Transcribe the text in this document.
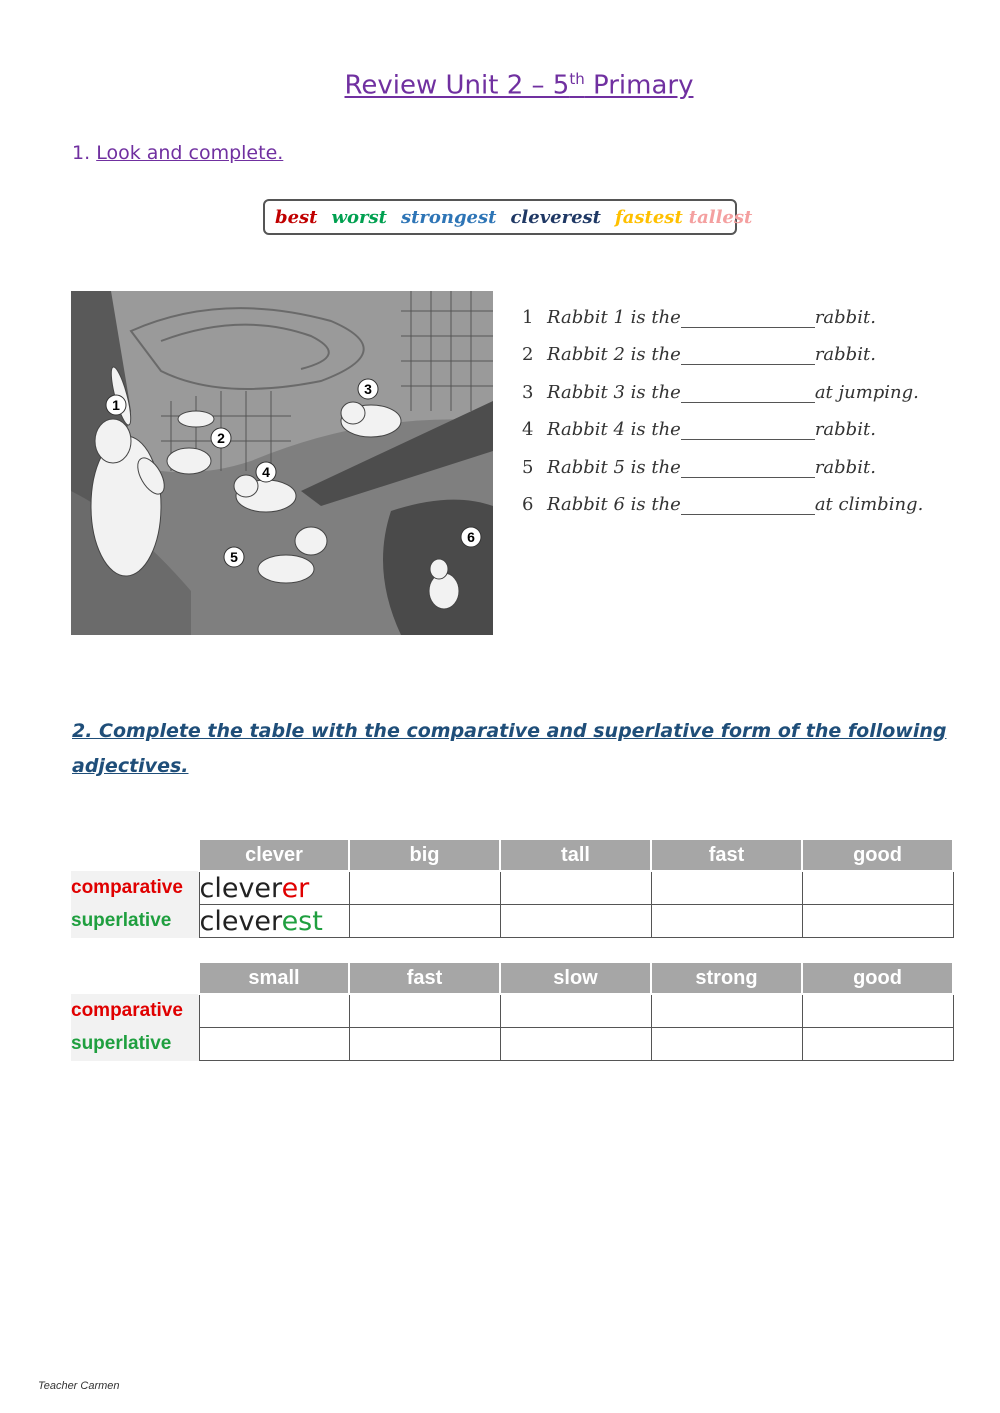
Review Unit 2 – 5th Primary
1. Look and complete.
best worst strongest cleverest fastest tallest
1
2
3
4
5
6
1 Rabbit 1 is the	rabbit.
2 Rabbit 2 is the	rabbit.
3 Rabbit 3 is the	at jumping.
4 Rabbit 4 is the	rabbit.
5 Rabbit 5 is the	rabbit.
6 Rabbit 6 is the	at climbing.
2. Complete the table with the comparative and superlative form of the following adjectives.
	clever	big	tall	fast	good
comparative	cleverer				
superlative	cleverest				
	small	fast	slow	strong	good
comparative					
superlative					
Teacher Carmen
